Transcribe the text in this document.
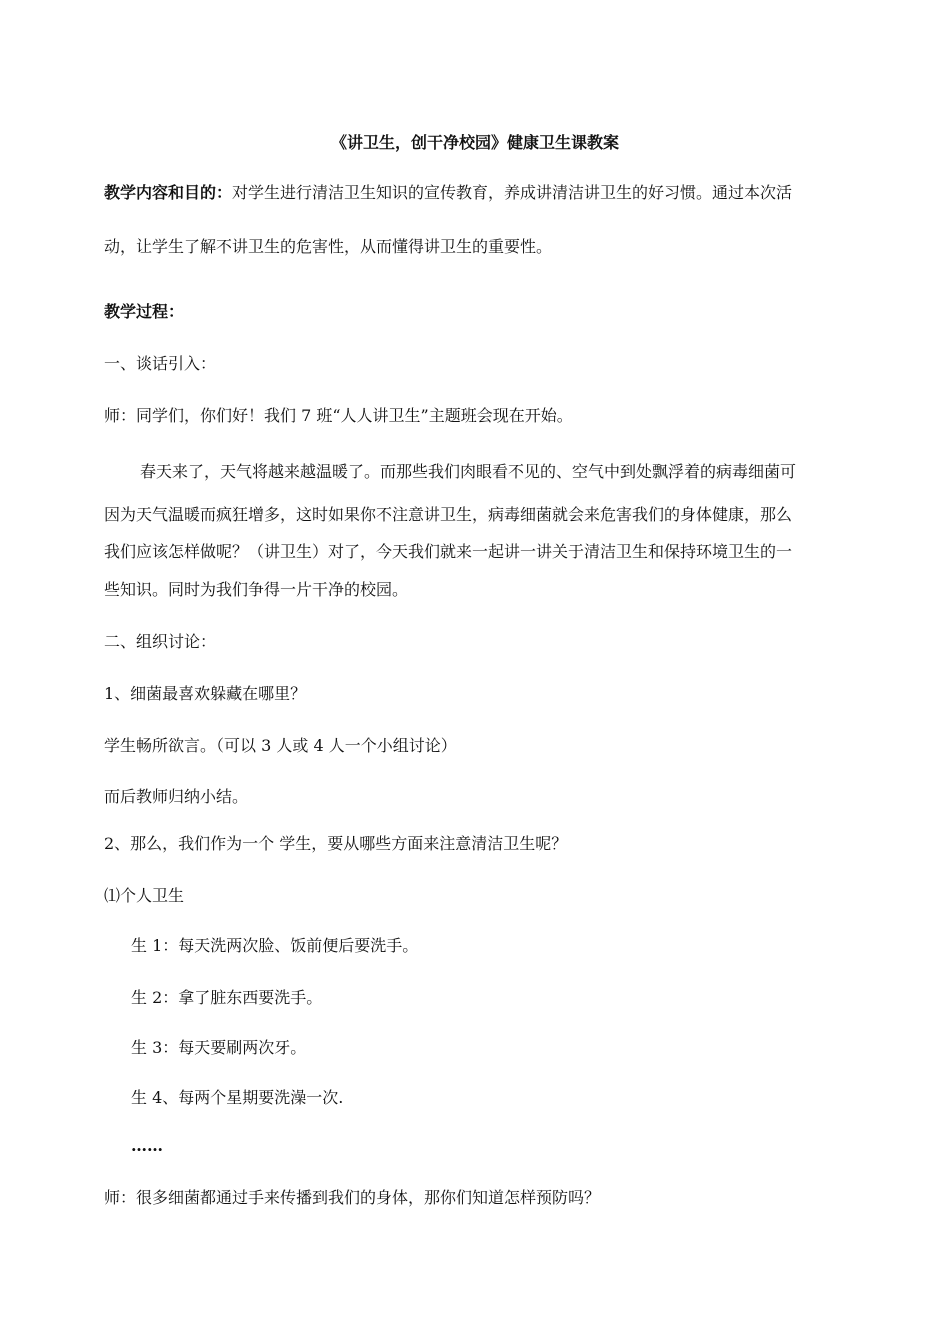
《讲卫生，创干净校园》健康卫生课教案
教学内容和目的：对学生进行清洁卫生知识的宣传教育，养成讲清洁讲卫生的好习惯。通过本次活
动，让学生了解不讲卫生的危害性，从而懂得讲卫生的重要性。
教学过程：
一、谈话引入：
师：同学们，你们好！我们 7 班“人人讲卫生”主题班会现在开始。
春天来了，天气将越来越温暖了。而那些我们肉眼看不见的、空气中到处飘浮着的病毒细菌可
因为天气温暖而疯狂增多，这时如果你不注意讲卫生，病毒细菌就会来危害我们的身体健康，那么
我们应该怎样做呢？（讲卫生）对了，今天我们就来一起讲一讲关于清洁卫生和保持环境卫生的一
些知识。同时为我们争得一片干净的校园。
二、组织讨论：
1、细菌最喜欢躲藏在哪里？
学生畅所欲言。（可以 3 人或 4 人一个小组讨论）
而后教师归纳小结。
2、那么，我们作为一个 学生，要从哪些方面来注意清洁卫生呢？
⑴个人卫生
生 1：每天洗两次脸、饭前便后要洗手。
生 2：拿了脏东西要洗手。
生 3：每天要刷两次牙。
生 4、每两个星期要洗澡一次.
……
师：很多细菌都通过手来传播到我们的身体，那你们知道怎样预防吗？
